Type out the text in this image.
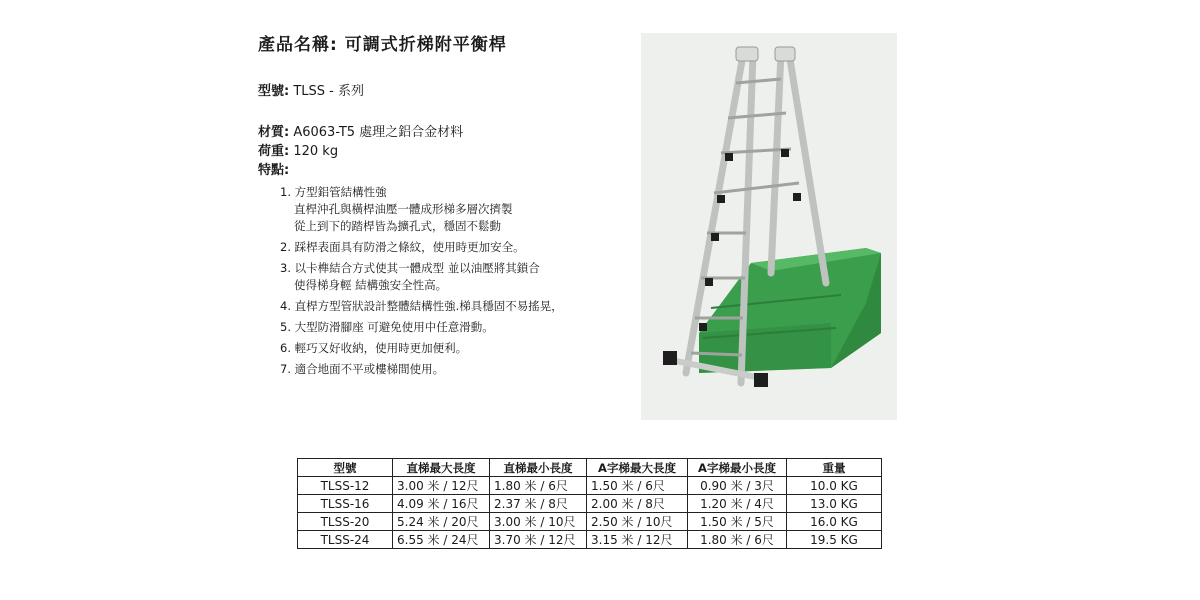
產品名稱: 可調式折梯附平衡桿
型號: TLSS - 系列
材質: A6063-T5 處理之鋁合金材料
荷重: 120 kg
特點:
1. 方型鋁管結構性強
直桿沖孔與橫桿油壓一體成形梯多層次擠製
從上到下的踏桿皆為擴孔式，穩固不鬆動
2. 踩桿表面具有防滑之條紋，使用時更加安全。
3. 以卡榫結合方式使其一體成型 並以油壓將其鎖合
使得梯身輕 結構強安全性高。
4. 直桿方型管狀設計整體結構性強.梯具穩固不易搖晃，
5. 大型防滑腳座 可避免使用中任意滑動。
6. 輕巧又好收納，使用時更加便利。
7. 適合地面不平或樓梯間使用。
型號	直梯最大長度	直梯最小長度	A字梯最大長度	A字梯最小長度	重量
TLSS-12	3.00 米 / 12尺	1.80 米 / 6尺	1.50 米 / 6尺	0.90 米 / 3尺	10.0 KG
TLSS-16	4.09 米 / 16尺	2.37 米 / 8尺	2.00 米 / 8尺	1.20 米 / 4尺	13.0 KG
TLSS-20	5.24 米 / 20尺	3.00 米 / 10尺	2.50 米 / 10尺	1.50 米 / 5尺	16.0 KG
TLSS-24	6.55 米 / 24尺	3.70 米 / 12尺	3.15 米 / 12尺	1.80 米 / 6尺	19.5 KG
